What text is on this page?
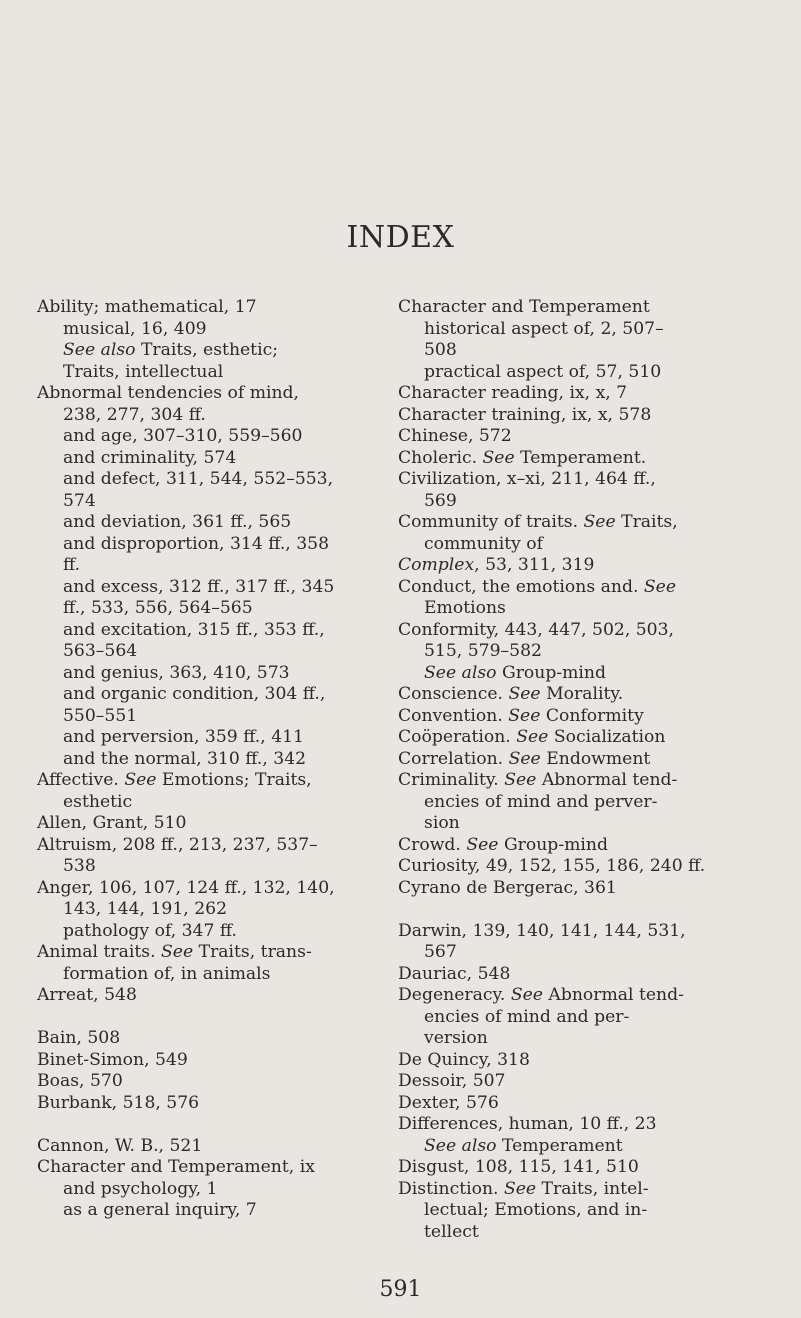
INDEX
Ability; mathematical, 17
musical, 16, 409
See also Traits, esthetic;
Traits, intellectual
Abnormal tendencies of mind,
238, 277, 304 ff.
and age, 307–310, 559–560
and criminality, 574
and defect, 311, 544, 552–553,
574
and deviation, 361 ff., 565
and disproportion, 314 ff., 358
ff.
and excess, 312 ff., 317 ff., 345
ff., 533, 556, 564–565
and excitation, 315 ff., 353 ff.,
563–564
and genius, 363, 410, 573
and organic condition, 304 ff.,
550–551
and perversion, 359 ff., 411
and the normal, 310 ff., 342
Affective. See Emotions; Traits,
esthetic
Allen, Grant, 510
Altruism, 208 ff., 213, 237, 537–
538
Anger, 106, 107, 124 ff., 132, 140,
143, 144, 191, 262
pathology of, 347 ff.
Animal traits. See Traits, trans-
formation of, in animals
Arreat, 548
Bain, 508
Binet-Simon, 549
Boas, 570
Burbank, 518, 576
Cannon, W. B., 521
Character and Temperament, ix
and psychology, 1
as a general inquiry, 7
Character and Temperament
historical aspect of, 2, 507–
508
practical aspect of, 57, 510
Character reading, ix, x, 7
Character training, ix, x, 578
Chinese, 572
Choleric. See Temperament.
Civilization, x–xi, 211, 464 ff.,
569
Community of traits. See Traits,
community of
Complex, 53, 311, 319
Conduct, the emotions and. See
Emotions
Conformity, 443, 447, 502, 503,
515, 579–582
See also Group-mind
Conscience. See Morality.
Convention. See Conformity
Coöperation. See Socialization
Correlation. See Endowment
Criminality. See Abnormal tend-
encies of mind and perver-
sion
Crowd. See Group-mind
Curiosity, 49, 152, 155, 186, 240 ff.
Cyrano de Bergerac, 361
Darwin, 139, 140, 141, 144, 531,
567
Dauriac, 548
Degeneracy. See Abnormal tend-
encies of mind and per-
version
De Quincy, 318
Dessoir, 507
Dexter, 576
Differences, human, 10 ff., 23
See also Temperament
Disgust, 108, 115, 141, 510
Distinction. See Traits, intel-
lectual; Emotions, and in-
tellect
591
